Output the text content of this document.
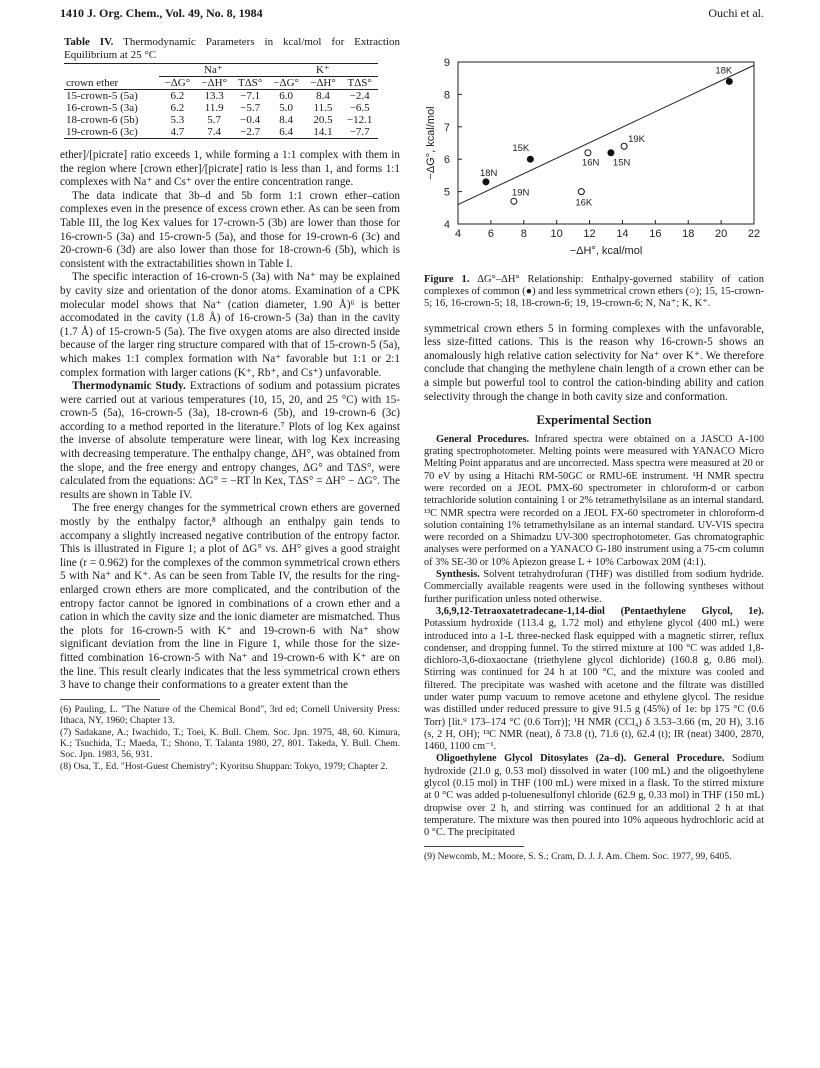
1410 J. Org. Chem., Vol. 49, No. 8, 1984	Ouchi et al.
Table IV. Thermodynamic Parameters in kcal/mol for Extraction Equilibrium at 25 °C
	Na⁺			K⁺		
crown ether	−ΔG°	−ΔH°	TΔS°	−ΔG°	−ΔH°	TΔS°
15-crown-5 (5a)	6.2	13.3	−7.1	6.0	8.4	−2.4
16-crown-5 (3a)	6.2	11.9	−5.7	5.0	11.5	−6.5
18-crown-6 (5b)	5.3	5.7	−0.4	8.4	20.5	−12.1
19-crown-6 (3c)	4.7	7.4	−2.7	6.4	14.1	−7.7

ether]/[picrate] ratio exceeds 1, while forming a 1:1 complex with them in the region where [crown ether]/[picrate] ratio is less than 1, and forms 1:1 complexes with Na⁺ and Cs⁺ over the entire concentration range.

The data indicate that 3b–d and 5b form 1:1 crown ether–cation complexes even in the presence of excess crown ether. As can be seen from Table III, the log Kex values for 17-crown-5 (3b) are lower than those for 16-crown-5 (3a) and 15-crown-5 (5a), and those for 19-crown-6 (3c) and 20-crown-6 (3d) are also lower than those for 18-crown-6 (5b), which is consistent with the extractabilities shown in Table I.

The specific interaction of 16-crown-5 (3a) with Na⁺ may be explained by cavity size and orientation of the donor atoms. Examination of a CPK molecular model shows that Na⁺ (cation diameter, 1.90 Å)⁶ is better accomodated in the cavity (1.8 Å) of 16-crown-5 (3a) than in the cavity (1.7 Å) of 15-crown-5 (5a). The five oxygen atoms are also directed inside because of the larger ring structure compared with that of 15-crown-5 (5a), which makes 1:1 complex formation with Na⁺ favorable but 1:1 or 2:1 complex formation with larger cations (K⁺, Rb⁺, and Cs⁺) unfavorable.

Thermodynamic Study. Extractions of sodium and potassium picrates were carried out at various temperatures (10, 15, 20, and 25 °C) with 15-crown-5 (5a), 16-crown-5 (3a), 18-crown-6 (5b), and 19-crown-6 (3c) according to a method reported in the literature.⁷ Plots of log Kex against the inverse of absolute temperature were linear, with log Kex increasing with decreasing temperature. The enthalpy change, ΔH°, was obtained from the slope, and the free energy and entropy changes, ΔG° and TΔS°, were calculated from the equations: ΔG° = −RT ln Kex, TΔS° = ΔH° − ΔG°. The results are shown in Table IV.

The free energy changes for the symmetrical crown ethers are governed mostly by the enthalpy factor,⁸ although an enthalpy gain tends to accompany a slightly increased negative contribution of the entropy factor. This is illustrated in Figure 1; a plot of ΔG° vs. ΔH° gives a good straight line (r = 0.962) for the complexes of the common symmetrical crown ethers 5 with Na⁺ and K⁺. As can be seen from Table IV, the results for the ring-enlarged crown ethers are more complicated, and the contribution of the entropy factor cannot be ignored in combinations of a crown ether and a cation in which the cavity size and the ionic diameter are mismatched. Thus the plots for 16-crown-5 with K⁺ and 19-crown-6 with Na⁺ show significant deviation from the line in Figure 1, while those for the size-fitted combination 16-crown-5 with Na⁺ and 19-crown-6 with K⁺ are on the line. This result clearly indicates that the less symmetrical crown ethers 3 have to change their conformations to a greater extent than the

(6) Pauling, L. "The Nature of the Chemical Bond", 3rd ed; Cornell University Press: Ithaca, NY, 1960; Chapter 13.

(7) Sadakane, A.; Iwachido, T.; Toei, K. Bull. Chem. Soc. Jpn. 1975, 48, 60. Kimura, K.; Tsuchida, T.; Maeda, T.; Shono, T. Talanta 1980, 27, 801. Takeda, Y. Bull. Chem. Soc. Jpn. 1983, 56, 931.

(8) Osa, T., Ed. "Host-Guest Chemistry"; Kyoritsu Shuppan: Tokyo, 1979; Chapter 2.

4 6 8 10 12 14 16 18 20 22
4
5
6
7
8
9
−ΔH°, kcal/mol
−ΔG°, kcal/mol
18K
19K
15K
16N 15N
18N
19N
16K

Figure 1. ΔG°–ΔH° Relationship: Enthalpy-governed stability of cation complexes of common (●) and less symmetrical crown ethers (○); 15, 15-crown-5; 16, 16-crown-5; 18, 18-crown-6; 19, 19-crown-6; N, Na⁺; K, K⁺.

symmetrical crown ethers 5 in forming complexes with the unfavorable, less size-fitted cations. This is the reason why 16-crown-5 shows an anomalously high relative cation selectivity for Na⁺ over K⁺. We therefore conclude that changing the methylene chain length of a crown ether can be a simple but powerful tool to control the cation-binding ability and cation selectivity through the change in both cavity size and conformation.

Experimental Section

General Procedures. Infrared spectra were obtained on a JASCO A-100 grating spectrophotometer. Melting points were measured with YANACO Micro Melting Point apparatus and are uncorrected. Mass spectra were measured at 20 or 70 eV by using a Hitachi RM-50GC or RMU-6E instrument. ¹H NMR spectra were recorded on a JEOL PMX-60 spectrometer in chloroform-d or carbon tetrachloride solution containing 1 or 2% tetramethylsilane as an internal standard. ¹³C NMR spectra were recorded on a JEOL FX-60 spectrometer in chloroform-d solution containing 1% tetramethylsilane as an internal standard. UV-VIS spectra were recorded on a Shimadzu UV-300 spectrophotometer. Gas chromatographic analyses were performed on a YANACO G-180 instrument using a 75-cm column of 3% SE-30 or 10% Apiezon grease L + 10% Carbowax 20M (4:1).

Synthesis. Solvent tetrahydrofuran (THF) was distilled from sodium hydride. Commercially available reagents were used in the following syntheses without further purification unless noted otherwise.

3,6,9,12-Tetraoxatetradecane-1,14-diol (Pentaethylene Glycol, 1e). Potassium hydroxide (113.4 g, 1.72 mol) and ethylene glycol (400 mL) were introduced into a 1-L three-necked flask equipped with a magnetic stirrer, reflux condenser, and dropping funnel. To the stirred mixture at 100 °C was added 1,8-dichloro-3,6-dioxaoctane (triethylene glycol dichloride) (160.8 g, 0.86 mol). Stirring was continued for 24 h at 100 °C, and the mixture was cooled and filtered. The precipitate was washed with acetone and the filtrate was distilled under water pump vacuum to remove acetone and ethylene glycol. The residue was distilled under reduced pressure to give 91.5 g (45%) of 1e: bp 175 °C (0.6 Torr) [lit.⁹ 173–174 °C (0.6 Torr)]; ¹H NMR (CCl₄) δ 3.53–3.66 (m, 20 H), 3.16 (s, 2 H, OH); ¹³C NMR (neat), δ 73.8 (t), 71.6 (t), 62.4 (t); IR (neat) 3400, 2870, 1460, 1100 cm⁻¹.

Oligoethylene Glycol Ditosylates (2a–d). General Procedure. Sodium hydroxide (21.0 g, 0.53 mol) dissolved in water (100 mL) and the oligoethylene glycol (0.15 mol) in THF (100 mL) were mixed in a flask. To the stirred mixture at 0 °C was added p-toluenesulfonyl chloride (62.9 g, 0.33 mol) in THF (150 mL) dropwise over 2 h, and stirring was continued for an additional 2 h at that temperature. The mixture was then poured into 10% aqueous hydrochloric acid at 0 °C. The precipitated

(9) Newcomb, M.; Moore, S. S.; Cram, D. J. J. Am. Chem. Soc. 1977, 99, 6405.
